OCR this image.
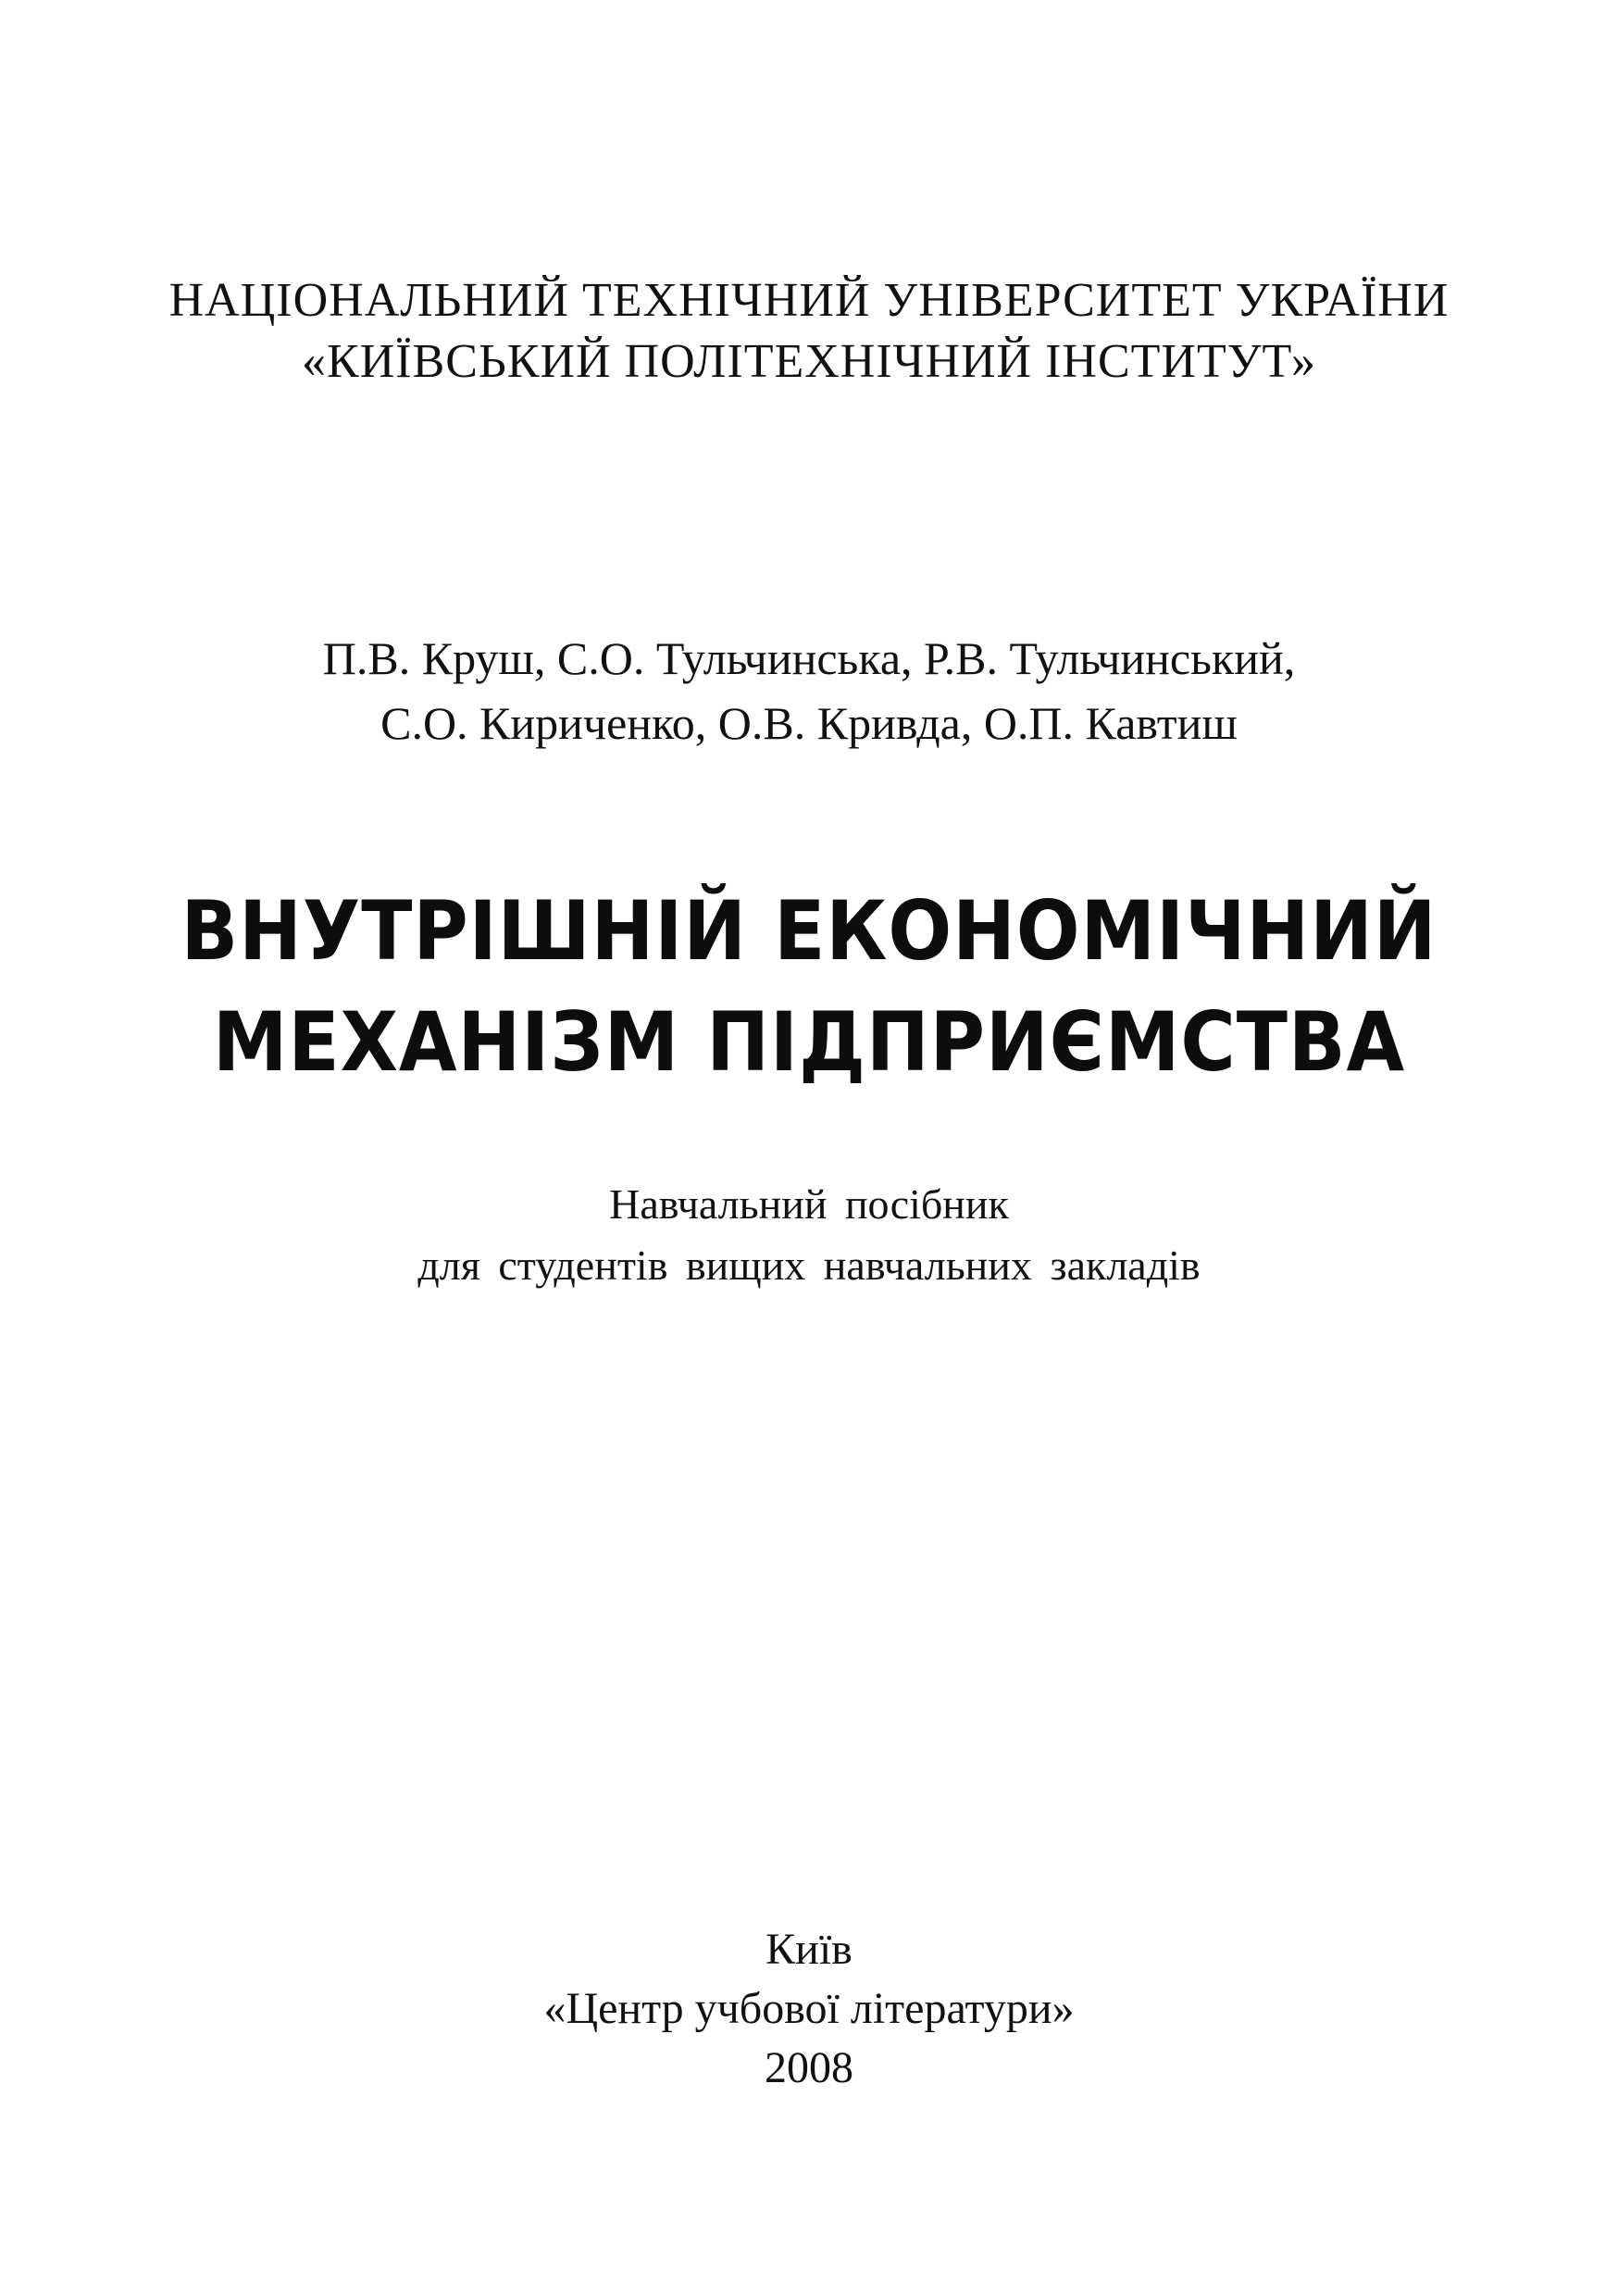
НАЦІОНАЛЬНИЙ ТЕХНІЧНИЙ УНІВЕРСИТЕТ УКРАЇНИ
«КИЇВСЬКИЙ ПОЛІТЕХНІЧНИЙ ІНСТИТУТ»
П.В. Круш, С.О. Тульчинська, Р.В. Тульчинський,
С.О. Кириченко, О.В. Кривда, О.П. Кавтиш
ВНУТРІШНІЙ ЕКОНОМІЧНИЙ
МЕХАНІЗМ ПІДПРИЄМСТВА
Навчальний посібник
для студентів вищих навчальних закладів
Київ
«Центр учбової літератури»
2008
